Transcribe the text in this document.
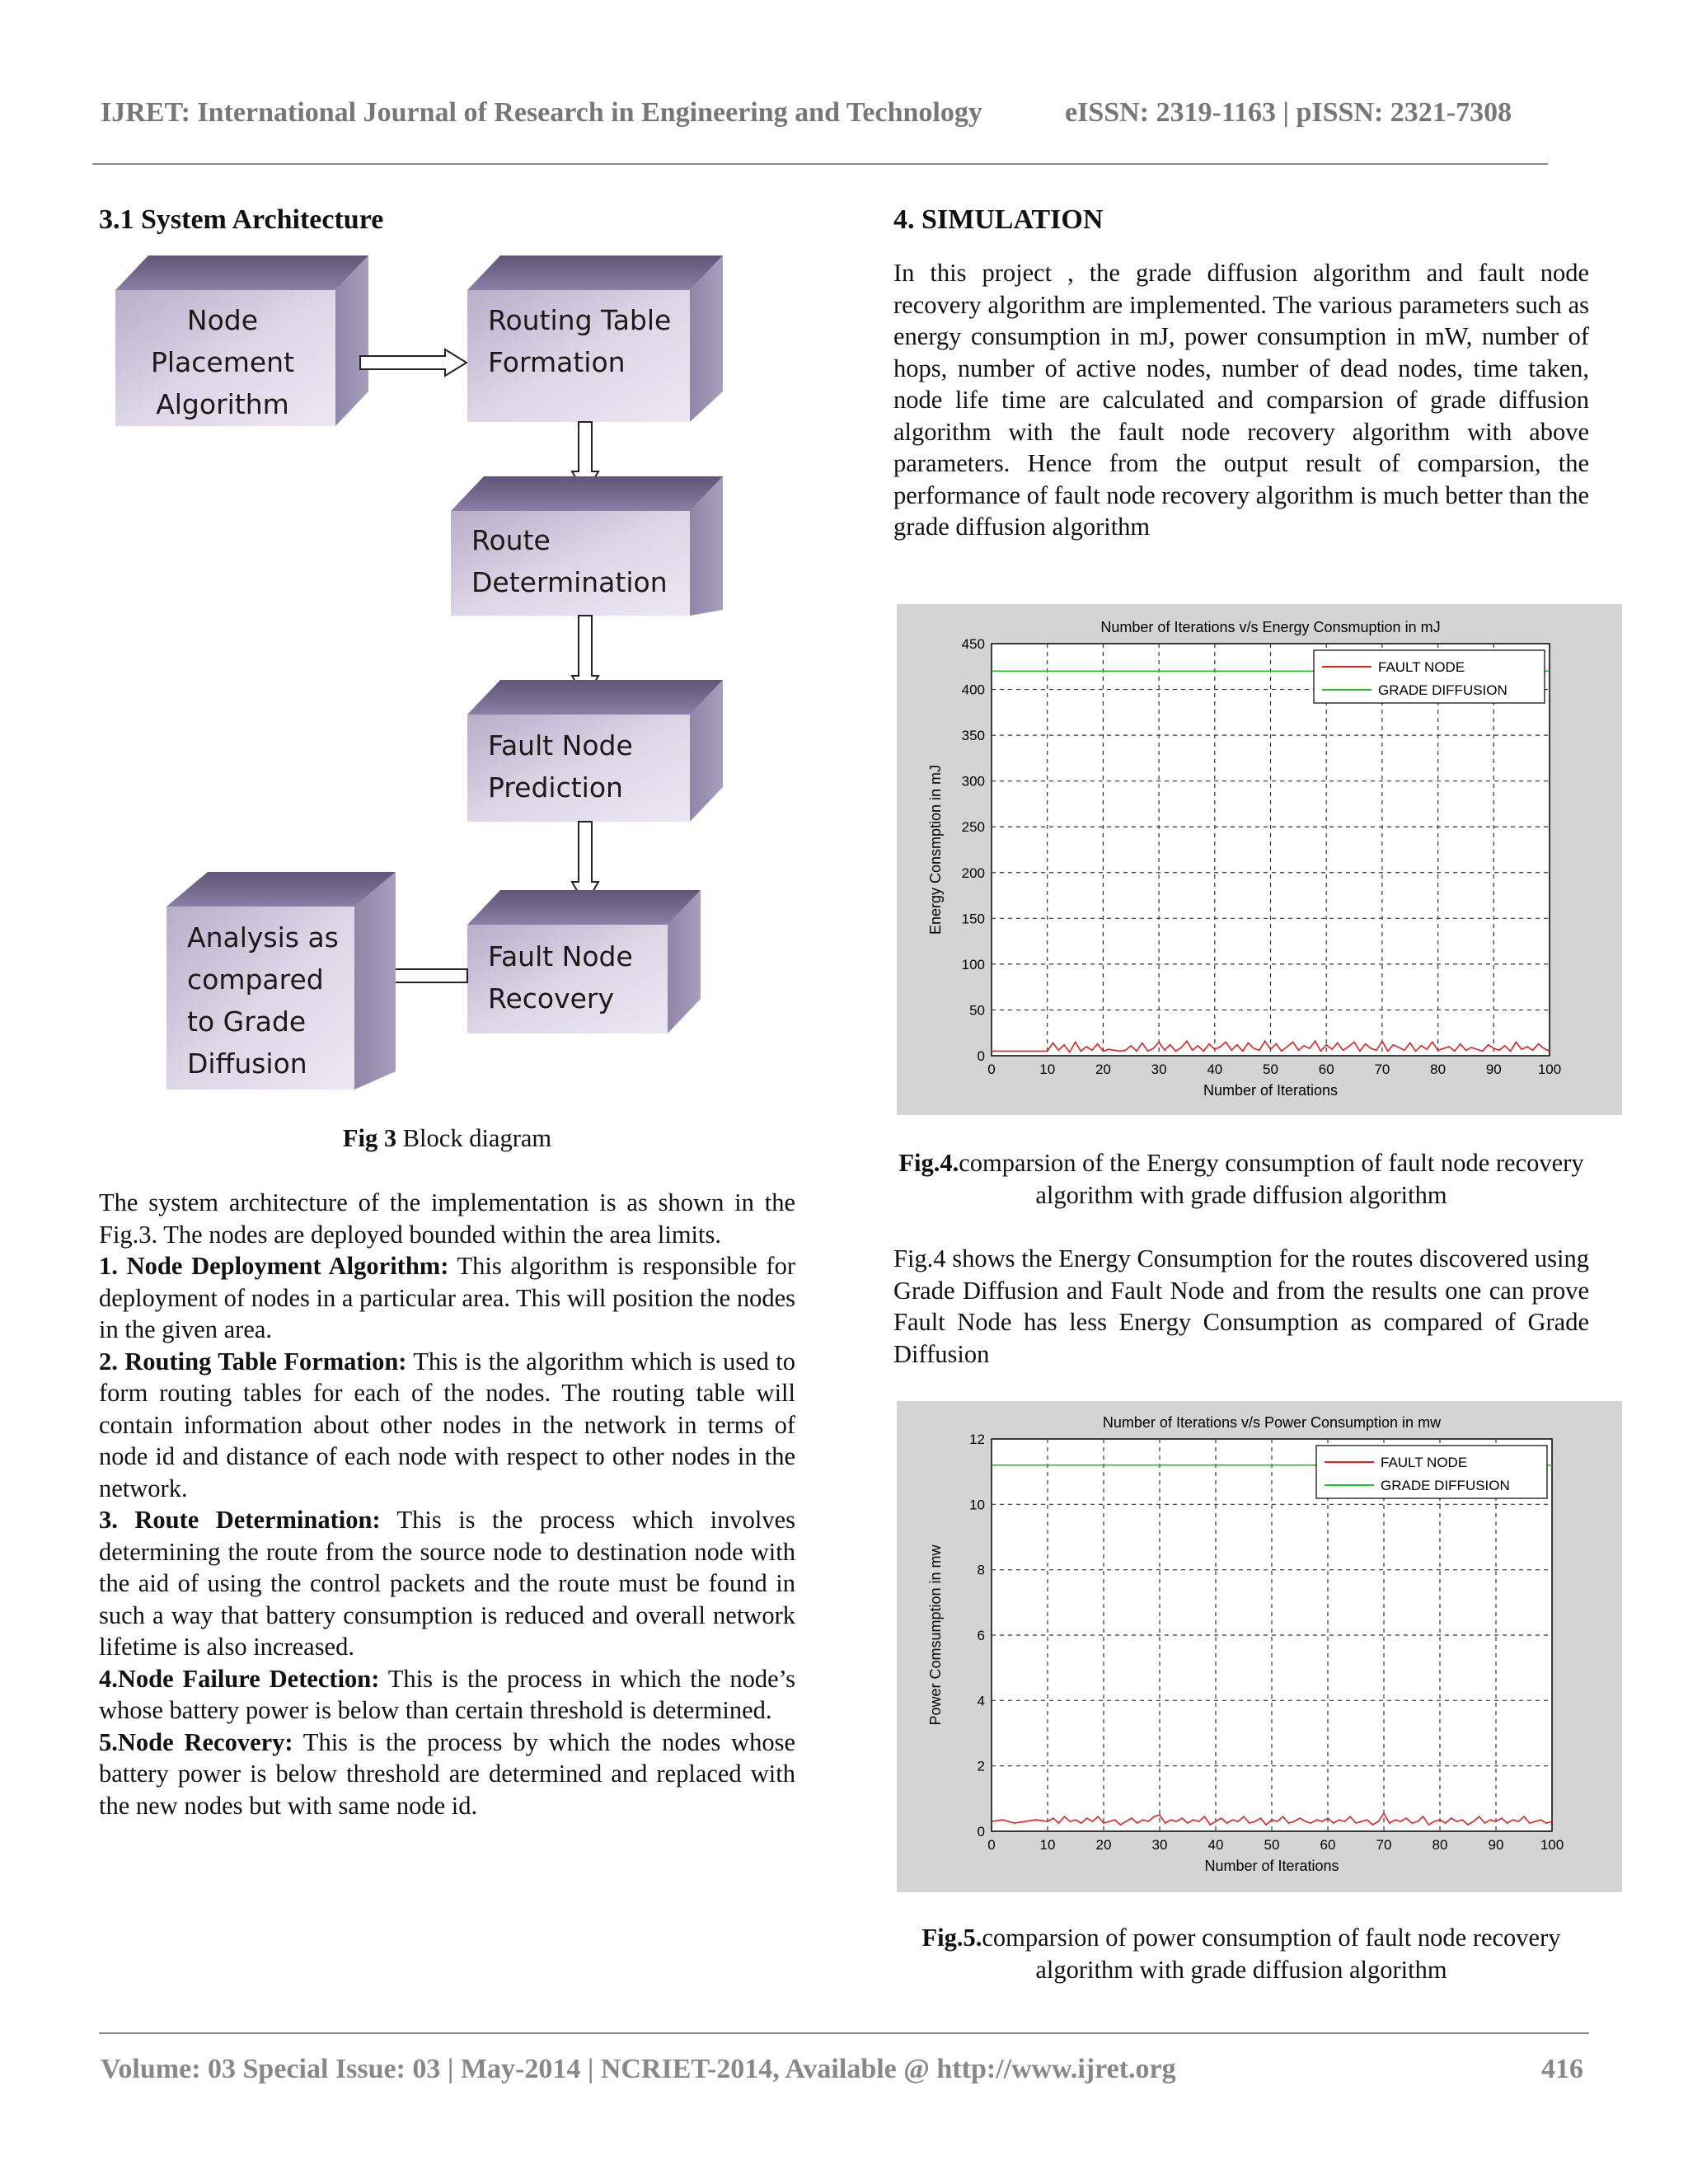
IJRET: International Journal of Research in Engineering and Technology	eISSN: 2319-1163 | pISSN: 2321-7308
3.1 System Architecture
Node
Placement
Algorithm
Routing Table
Formation
Route
Determination
Fault Node
Prediction
Fault Node
Recovery
Analysis as
compared
to Grade
Diffusion

Fig 3 Block diagram

The system architecture of the implementation is as shown in the Fig.3. The nodes are deployed bounded within the area limits.
1. Node Deployment Algorithm: This algorithm is responsible for deployment of nodes in a particular area. This will position the nodes in the given area.
2. Routing Table Formation: This is the algorithm which is used to form routing tables for each of the nodes. The routing table will contain information about other nodes in the network in terms of node id and distance of each node with respect to other nodes in the network.
3. Route Determination: This is the process which involves determining the route from the source node to destination node with the aid of using the control packets and the route must be found in such a way that battery consumption is reduced and overall network lifetime is also increased.
4.Node Failure Detection: This is the process in which the node’s whose battery power is below than certain threshold is determined.
5.Node Recovery: This is the process by which the nodes whose battery power is below threshold are determined and replaced with the new nodes but with same node id.
4. SIMULATION

In this project , the grade diffusion algorithm and fault node recovery algorithm are implemented. The various parameters such as energy consumption in mJ, power consumption in mW, number of hops, number of active nodes, number of dead nodes, time taken, node life time are calculated and comparsion of grade diffusion algorithm with the fault node recovery algorithm with above parameters. Hence from the output result of comparsion, the performance of fault node recovery algorithm is much better than the grade diffusion algorithm

0	10	20	30	40	50	60	70	80	90	100
0
50
100
150
200
250
300
350
400
450
Number of Iterations v/s Energy Consmuption in mJ
Number of Iterations
Energy Consmption in mJ
FAULT NODE
GRADE DIFFUSION

Fig.4.comparsion of the Energy consumption of fault node recovery algorithm with grade diffusion algorithm

Fig.4 shows the Energy Consumption for the routes discovered using Grade Diffusion and Fault Node and from the results one can prove Fault Node has less Energy Consumption as compared of Grade Diffusion

0	10	20	30	40	50	60	70	80	90	100
0
2
4
6
8
10
12
Number of Iterations v/s Power Consumption in mw
Number of Iterations
Power Comsumption in mw
FAULT NODE
GRADE DIFFUSION

Fig.5.comparsion of power consumption of fault node recovery algorithm with grade diffusion algorithm

Volume: 03 Special Issue: 03 | May-2014 | NCRIET-2014, Available @ http://www.ijret.org	416
